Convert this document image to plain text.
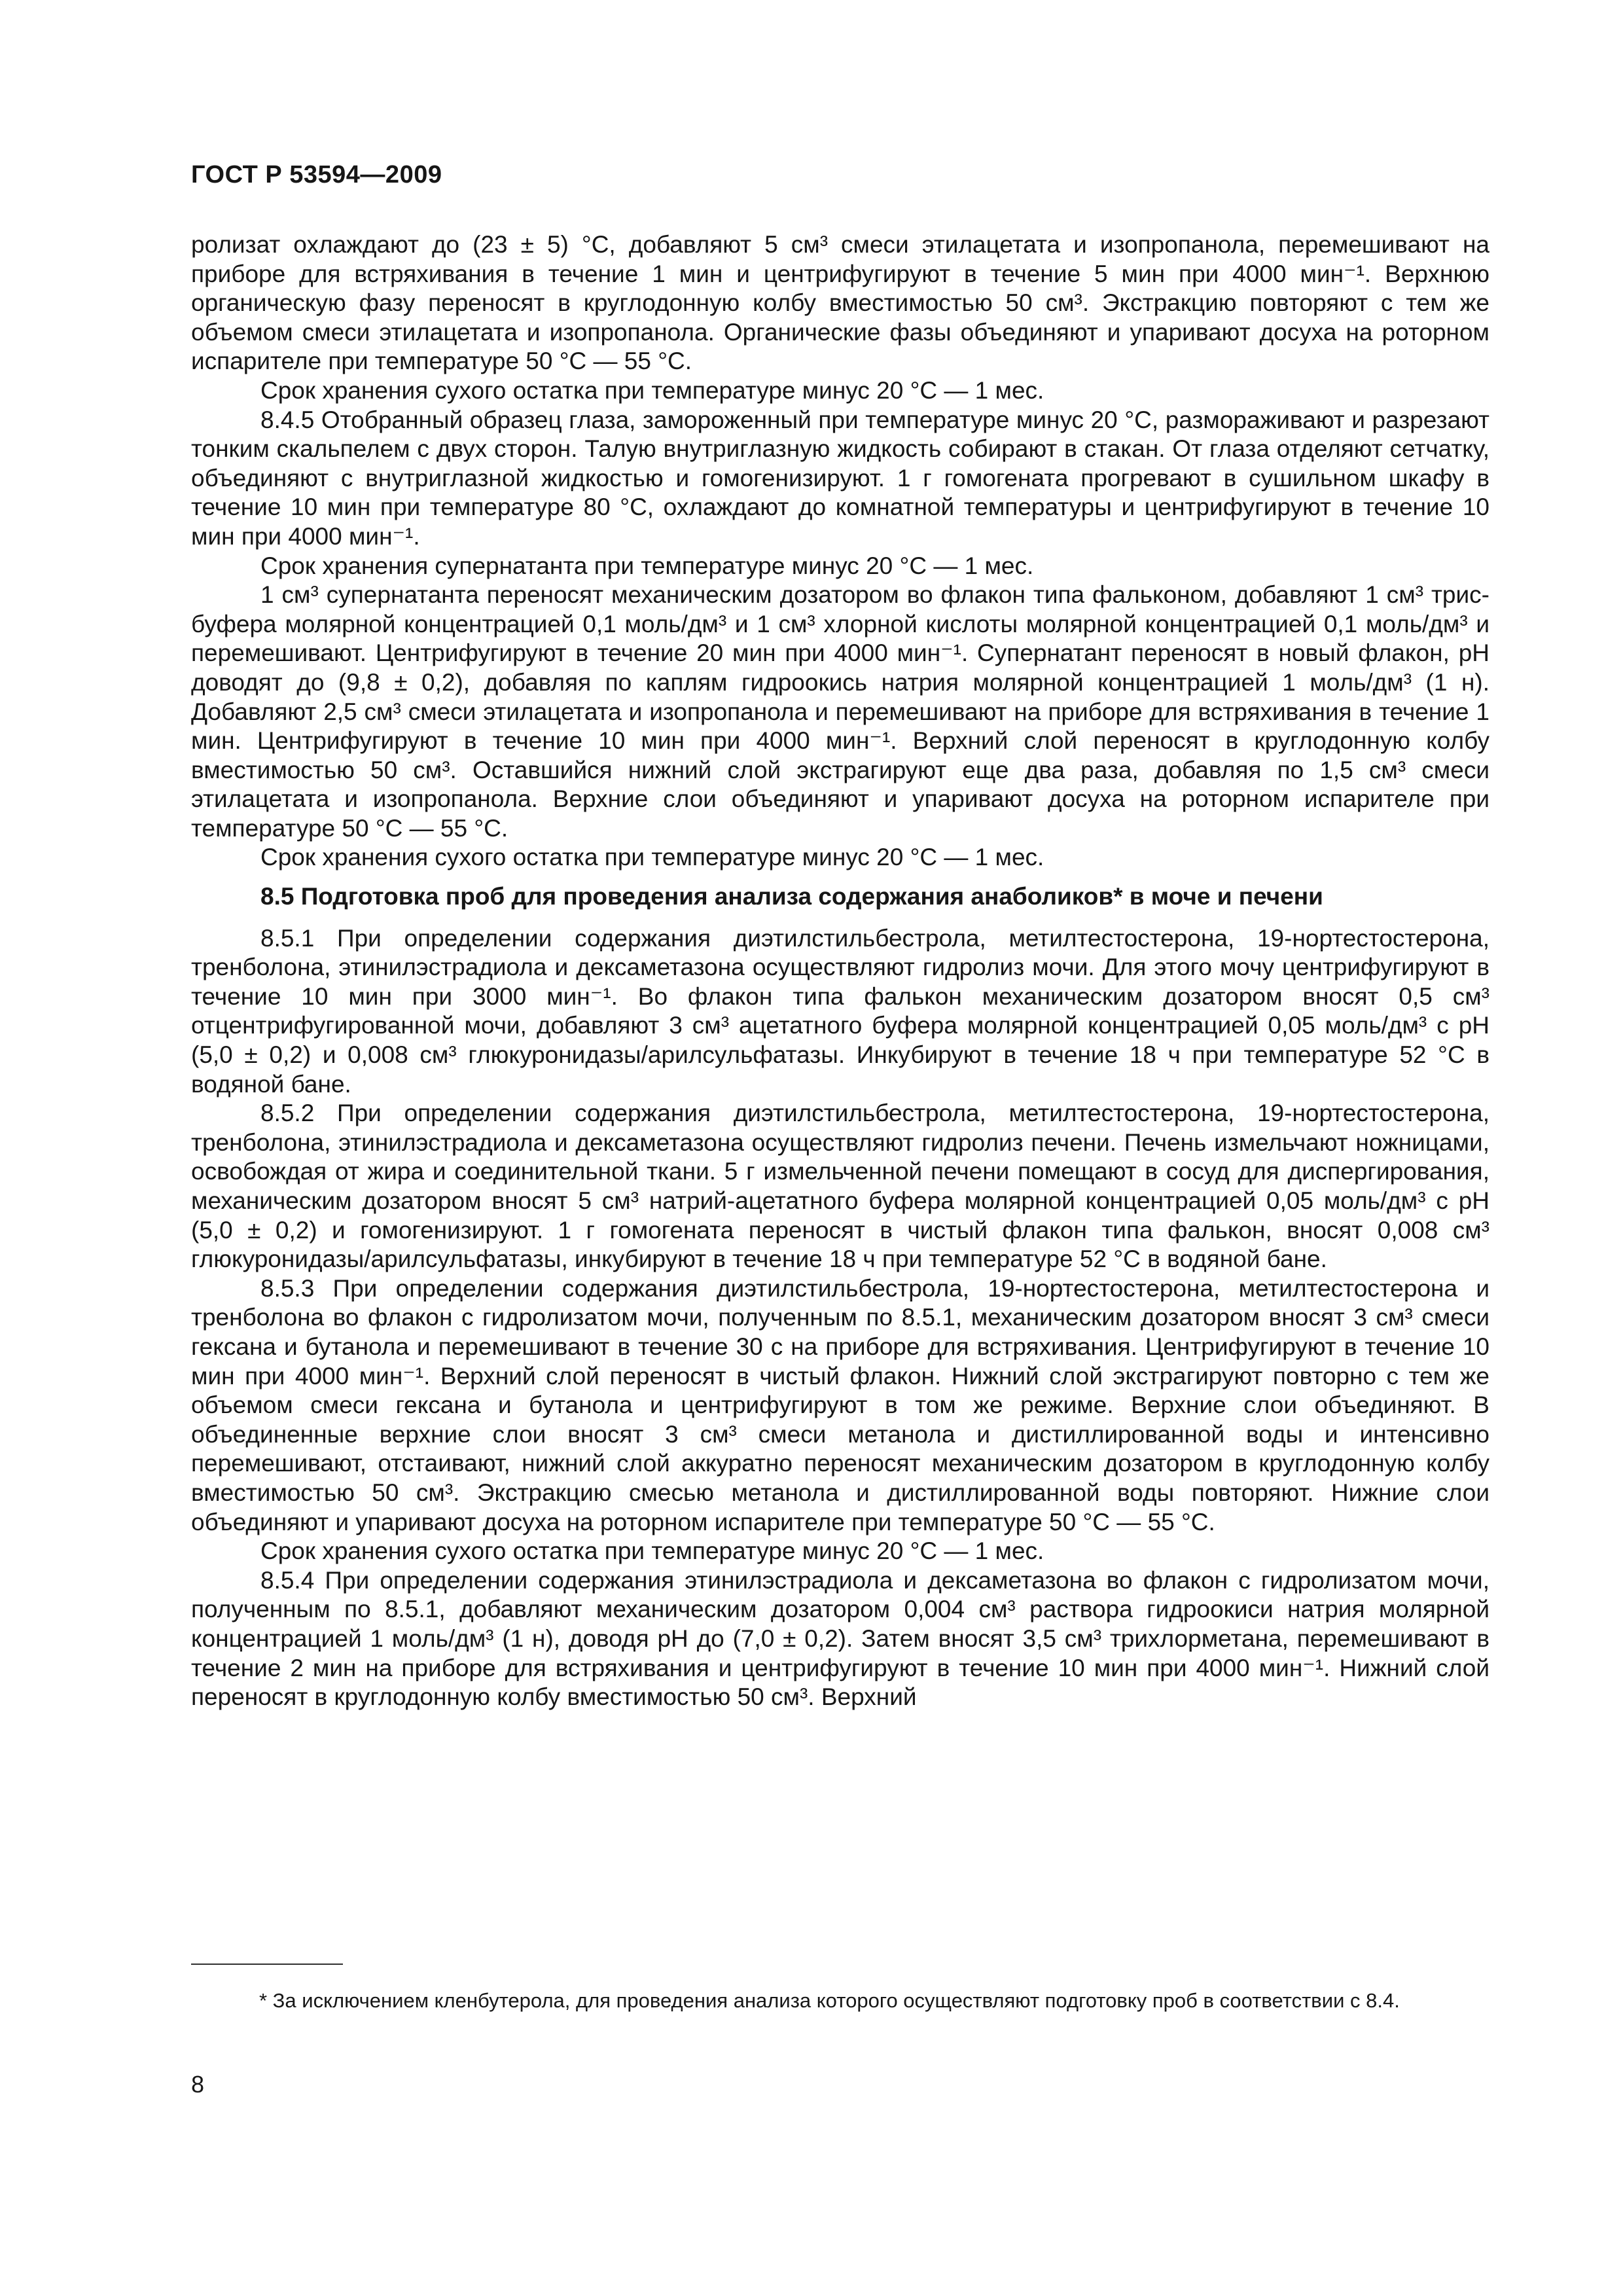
ГОСТ Р 53594—2009

ролизат охлаждают до (23 ± 5) °С, добавляют 5 см³ смеси этилацетата и изопропанола, перемешивают на приборе для встряхивания в течение 1 мин и центрифугируют в течение 5 мин при 4000 мин⁻¹. Верхнюю органическую фазу переносят в круглодонную колбу вместимостью 50 см³. Экстракцию повторяют с тем же объемом смеси этилацетата и изопропанола. Органические фазы объединяют и упаривают досуха на роторном испарителе при температуре 50 °С — 55 °С.

Срок хранения сухого остатка при температуре минус 20 °С — 1 мес.

8.4.5 Отобранный образец глаза, замороженный при температуре минус 20 °С, размораживают и разрезают тонким скальпелем с двух сторон. Талую внутриглазную жидкость собирают в стакан. От глаза отделяют сетчатку, объединяют с внутриглазной жидкостью и гомогенизируют. 1 г гомогената прогревают в сушильном шкафу в течение 10 мин при температуре 80 °С, охлаждают до комнатной температуры и центрифугируют в течение 10 мин при 4000 мин⁻¹.

Срок хранения супернатанта при температуре минус 20 °С — 1 мес.

1 см³ супернатанта переносят механическим дозатором во флакон типа фальконом, добавляют 1 см³ трис-буфера молярной концентрацией 0,1 моль/дм³ и 1 см³ хлорной кислоты молярной концентрацией 0,1 моль/дм³ и перемешивают. Центрифугируют в течение 20 мин при 4000 мин⁻¹. Супернатант переносят в новый флакон, pH доводят до (9,8 ± 0,2), добавляя по каплям гидроокись натрия молярной концентрацией 1 моль/дм³ (1 н). Добавляют 2,5 см³ смеси этилацетата и изопропанола и перемешивают на приборе для встряхивания в течение 1 мин. Центрифугируют в течение 10 мин при 4000 мин⁻¹. Верхний слой переносят в круглодонную колбу вместимостью 50 см³. Оставшийся нижний слой экстрагируют еще два раза, добавляя по 1,5 см³ смеси этилацетата и изопропанола. Верхние слои объединяют и упаривают досуха на роторном испарителе при температуре 50 °С — 55 °С.

Срок хранения сухого остатка при температуре минус 20 °С — 1 мес.

8.5 Подготовка проб для проведения анализа содержания анаболиков* в моче и печени

8.5.1 При определении содержания диэтилстильбестрола, метилтестостерона, 19-нортестостерона, тренболона, этинилэстрадиола и дексаметазона осуществляют гидролиз мочи. Для этого мочу центрифугируют в течение 10 мин при 3000 мин⁻¹. Во флакон типа фалькон механическим дозатором вносят 0,5 см³ отцентрифугированной мочи, добавляют 3 см³ ацетатного буфера молярной концентрацией 0,05 моль/дм³ с pH (5,0 ± 0,2) и 0,008 см³ глюкуронидазы/арилсульфатазы. Инкубируют в течение 18 ч при температуре 52 °С в водяной бане.

8.5.2 При определении содержания диэтилстильбестрола, метилтестостерона, 19-нортестостерона, тренболона, этинилэстрадиола и дексаметазона осуществляют гидролиз печени. Печень измельчают ножницами, освобождая от жира и соединительной ткани. 5 г измельченной печени помещают в сосуд для диспергирования, механическим дозатором вносят 5 см³ натрий-ацетатного буфера молярной концентрацией 0,05 моль/дм³ с pH (5,0 ± 0,2) и гомогенизируют. 1 г гомогената переносят в чистый флакон типа фалькон, вносят 0,008 см³ глюкуронидазы/арилсульфатазы, инкубируют в течение 18 ч при температуре 52 °С в водяной бане.

8.5.3 При определении содержания диэтилстильбестрола, 19-нортестостерона, метилтестостерона и тренболона во флакон с гидролизатом мочи, полученным по 8.5.1, механическим дозатором вносят 3 см³ смеси гексана и бутанола и перемешивают в течение 30 с на приборе для встряхивания. Центрифугируют в течение 10 мин при 4000 мин⁻¹. Верхний слой переносят в чистый флакон. Нижний слой экстрагируют повторно с тем же объемом смеси гексана и бутанола и центрифугируют в том же режиме. Верхние слои объединяют. В объединенные верхние слои вносят 3 см³ смеси метанола и дистиллированной воды и интенсивно перемешивают, отстаивают, нижний слой аккуратно переносят механическим дозатором в круглодонную колбу вместимостью 50 см³. Экстракцию смесью метанола и дистиллированной воды повторяют. Нижние слои объединяют и упаривают досуха на роторном испарителе при температуре 50 °С — 55 °С.

Срок хранения сухого остатка при температуре минус 20 °С — 1 мес.

8.5.4 При определении содержания этинилэстрадиола и дексаметазона во флакон с гидролизатом мочи, полученным по 8.5.1, добавляют механическим дозатором 0,004 см³ раствора гидроокиси натрия молярной концентрацией 1 моль/дм³ (1 н), доводя pH до (7,0 ± 0,2). Затем вносят 3,5 см³ трихлорметана, перемешивают в течение 2 мин на приборе для встряхивания и центрифугируют в течение 10 мин при 4000 мин⁻¹. Нижний слой переносят в круглодонную колбу вместимостью 50 см³. Верхний

* За исключением кленбутерола, для проведения анализа которого осуществляют подготовку проб в соответствии с 8.4.

8
